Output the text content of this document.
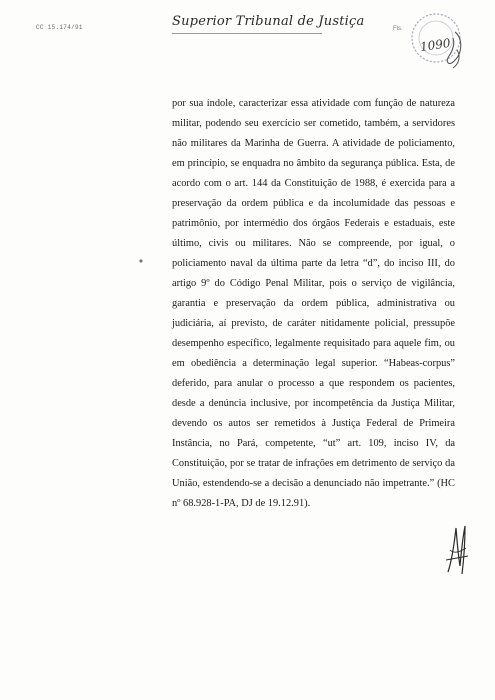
CC 15.174/91	Superior Tribunal de Justiça	Fls.
1090

por sua índole, caracterizar essa atividade com função de natureza militar, podendo seu exercício ser cometido, também, a servidores não militares da Marinha de Guerra. A atividade de policiamento, em princípio, se enquadra no âmbito da segurança pública. Esta, de acordo com o art. 144 da Constituição de 1988, é exercida para a preservação da ordem pública e da incolumidade das pessoas e patrimônio, por intermédio dos órgãos Federais e estaduais, este último, civis ou militares. Não se compreende, por igual, o policiamento naval da última parte da letra “d”, do inciso III, do artigo 9º do Código Penal Militar, pois o serviço de vigilância, garantia e preservação da ordem pública, administrativa ou judiciária, aí previsto, de caráter nitidamente policial, pressupõe desempenho específico, legalmente requisitado para aquele fim, ou em obediência a determinação legal superior. “Habeas-corpus” deferido, para anular o processo a que respondem os pacientes, desde a denúncia inclusive, por incompetência da Justiça Militar, devendo os autos ser remetidos à Justiça Federal de Primeira Instância, no Pará, competente, “ut” art. 109, inciso IV, da Constituição, por se tratar de infrações em detrimento de serviço da União, estendendo-se a decisão a denunciado não impetrante.” (HC nº 68.928-1-PA, DJ de 19.12.91).
